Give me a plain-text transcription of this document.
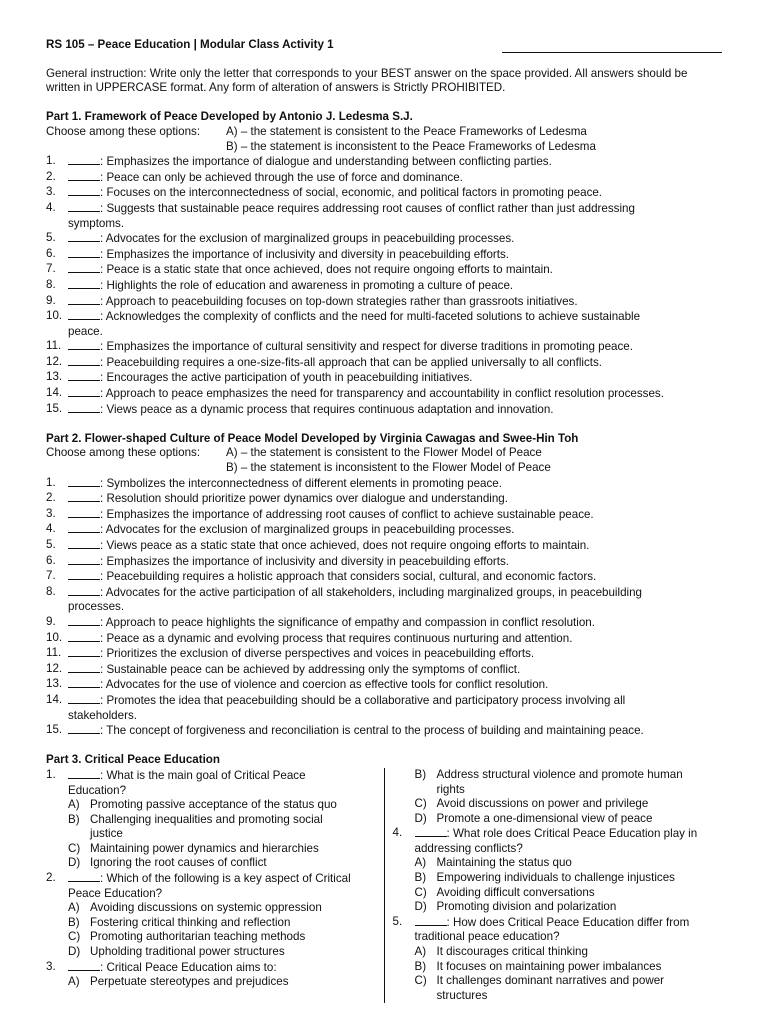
RS 105 – Peace Education | Modular Class Activity 1
General instruction: Write only the letter that corresponds to your BEST answer on the space provided. All answers should be written in UPPERCASE format. Any form of alteration of answers is Strictly PROHIBITED.
Part 1. Framework of Peace Developed by Antonio J. Ledesma S.J.
Choose among these options:	A) – the statement is consistent to the Peace Frameworks of Ledesma
B) – the statement is inconsistent to the Peace Frameworks of Ledesma
1.	: Emphasizes the importance of dialogue and understanding between conflicting parties.
2.	: Peace can only be achieved through the use of force and dominance.
3.	: Focuses on the interconnectedness of social, economic, and political factors in promoting peace.
4.	: Suggests that sustainable peace requires addressing root causes of conflict rather than just addressing
symptoms.
5.	: Advocates for the exclusion of marginalized groups in peacebuilding processes.
6.	: Emphasizes the importance of inclusivity and diversity in peacebuilding efforts.
7.	: Peace is a static state that once achieved, does not require ongoing efforts to maintain.
8.	: Highlights the role of education and awareness in promoting a culture of peace.
9.	: Approach to peacebuilding focuses on top-down strategies rather than grassroots initiatives.
10.	: Acknowledges the complexity of conflicts and the need for multi-faceted solutions to achieve sustainable
peace.
11.	: Emphasizes the importance of cultural sensitivity and respect for diverse traditions in promoting peace.
12.	: Peacebuilding requires a one-size-fits-all approach that can be applied universally to all conflicts.
13.	: Encourages the active participation of youth in peacebuilding initiatives.
14.	: Approach to peace emphasizes the need for transparency and accountability in conflict resolution processes.
15.	: Views peace as a dynamic process that requires continuous adaptation and innovation.
Part 2. Flower-shaped Culture of Peace Model Developed by Virginia Cawagas and Swee-Hin Toh
Choose among these options:	A) – the statement is consistent to the Flower Model of Peace
B) – the statement is inconsistent to the Flower Model of Peace
1.	: Symbolizes the interconnectedness of different elements in promoting peace.
2.	: Resolution should prioritize power dynamics over dialogue and understanding.
3.	: Emphasizes the importance of addressing root causes of conflict to achieve sustainable peace.
4.	: Advocates for the exclusion of marginalized groups in peacebuilding processes.
5.	: Views peace as a static state that once achieved, does not require ongoing efforts to maintain.
6.	: Emphasizes the importance of inclusivity and diversity in peacebuilding efforts.
7.	: Peacebuilding requires a holistic approach that considers social, cultural, and economic factors.
8.	: Advocates for the active participation of all stakeholders, including marginalized groups, in peacebuilding
processes.
9.	: Approach to peace highlights the significance of empathy and compassion in conflict resolution.
10.	: Peace as a dynamic and evolving process that requires continuous nurturing and attention.
11.	: Prioritizes the exclusion of diverse perspectives and voices in peacebuilding efforts.
12.	: Sustainable peace can be achieved by addressing only the symptoms of conflict.
13.	: Advocates for the use of violence and coercion as effective tools for conflict resolution.
14.	: Promotes the idea that peacebuilding should be a collaborative and participatory process involving all
stakeholders.
15.	: The concept of forgiveness and reconciliation is central to the process of building and maintaining peace.
Part 3. Critical Peace Education
1.	: What is the main goal of Critical Peace
Education?
A) Promoting passive acceptance of the status quo
B) Challenging inequalities and promoting social
justice
C) Maintaining power dynamics and hierarchies
D) Ignoring the root causes of conflict
2.	: Which of the following is a key aspect of Critical
Peace Education?
A) Avoiding discussions on systemic oppression
B) Fostering critical thinking and reflection
C) Promoting authoritarian teaching methods
D) Upholding traditional power structures
3.	: Critical Peace Education aims to:
A) Perpetuate stereotypes and prejudices
B) Address structural violence and promote human
rights
C) Avoid discussions on power and privilege
D) Promote a one-dimensional view of peace
4.	: What role does Critical Peace Education play in
addressing conflicts?
A) Maintaining the status quo
B) Empowering individuals to challenge injustices
C) Avoiding difficult conversations
D) Promoting division and polarization
5.	: How does Critical Peace Education differ from
traditional peace education?
A) It discourages critical thinking
B) It focuses on maintaining power imbalances
C) It challenges dominant narratives and power
structures
